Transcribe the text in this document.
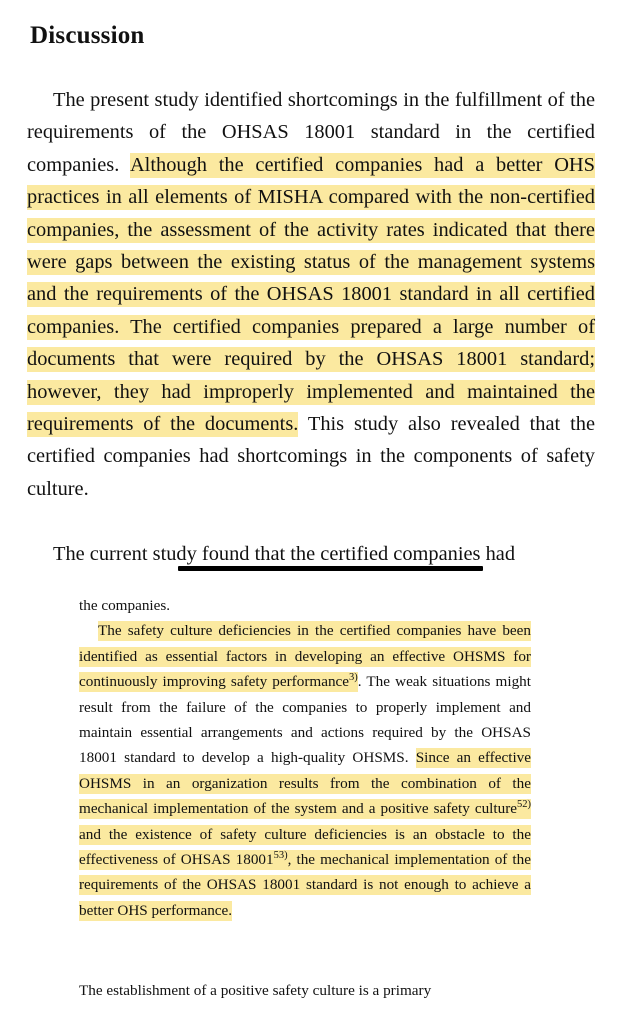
Discussion

The present study identified shortcomings in the fulfillment of the requirements of the OHSAS 18001 standard in the certified companies. Although the certified companies had a better OHS practices in all elements of MISHA compared with the non-certified companies, the assessment of the activity rates indicated that there were gaps between the existing status of the management systems and the requirements of the OHSAS 18001 standard in all certified companies. The certified companies prepared a large number of documents that were required by the OHSAS 18001 standard; however, they had improperly implemented and maintained the requirements of the documents. This study also revealed that the certified companies had shortcomings in the components of safety culture.

The current study found that the certified companies had

the companies.

The safety culture deficiencies in the certified companies have been identified as essential factors in developing an effective OHSMS for continuously improving safety performance$^{3)}$. The weak situations might result from the failure of the companies to properly implement and maintain essential arrangements and actions required by the OHSAS 18001 standard to develop a high-quality OHSMS. Since an effective OHSMS in an organization results from the combination of the mechanical implementation of the system and a positive safety culture$^{52)}$ and the existence of safety culture deficiencies is an obstacle to the effectiveness of OHSAS 18001$^{53)}$, the mechanical implementation of the requirements of the OHSAS 18001 standard is not enough to achieve a better OHS performance.

The establishment of a positive safety culture is a primary
